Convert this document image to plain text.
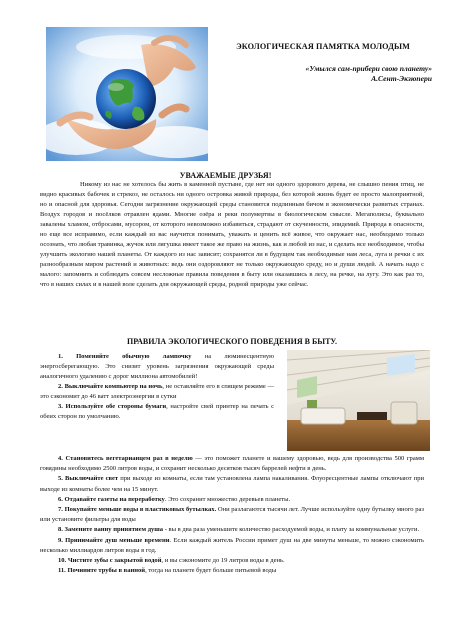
ЭКОЛОГИЧЕСКАЯ ПАМЯТКА МОЛОДЫМ
«Умылся сам-прибери свою планету»
А.Сент-Экзюпери
УВАЖАЕМЫЕ ДРУЗЬЯ!

Никому из нас не хотелось бы жить в каменной пустыне, где нет ни одного здорового дерева, не слышно пения птиц, не видно красивых бабочек и стрекоз, не осталось ни одного островка живой природы, без которой жизнь будет ее просто малоприятной, но и опасной для здоровья. Сегодня загрязнение окружающей среды становится подлинным бичом в экономически развитых странах. Воздух городов и посёлков отравлен ядами. Многие озёра и реки полумертвы в биологическом смысле. Мегаполисы, буквально завалены хламом, отбросами, мусором, от которого невозможно избавиться, страдают от скученности, эпидемий. Природа в опасности, но еще все исправимо, если каждый из вас научится понимать, уважать и ценить всё живое, что окружает нас, необходимо только осознать, что любая травинка, жучок или лягушка имеет такое же право на жизнь, как и любой из нас, и сделать все необходимое, чтобы улучшить экологию нашей планеты. От каждого из нас зависит; сохранятся ли в будущем так необходимые нам леса, луга и речки с их разнообразным миром растений и животных: ведь они оздоровляют не только окружающую среду, но и души людей. А начать надо с малого: запомнить и соблюдать совсем несложные правила поведения в быту или оказавшись в лесу, на речке, на лугу. Это как раз то, что в наших силах и в нашей воле сделать для окружающей среды, родной природы уже сейчас.

ПРАВИЛА ЭКОЛОГИЧЕСКОГО ПОВЕДЕНИЯ В БЫТУ.

1. Поменяйте обычную лампочку на люминесцентную энергосберегающую. Это снизит уровень загрязнения окружающей среды аналогичного удалению с дорог миллиона автомобилей!

2. Выключайте компьютер на ночь, не оставляйте его в спящем режиме — это сэкономит до 46 ватт электроэнергии в сутки

3. Используйте обе стороны бумаги, настройте свей принтер на печать с обеих сторон по умолчанию.

4. Становитесь вегетарианцем раз в неделю — это поможет планете и вашему здоровью, ведь для производства 500 грамм говядины необходимо 2500 литров воды, и сохранит несколько десятков тысяч баррелей нефти в день.

5. Выключайте свет при выходе из комнаты, если там установлена лампа накаливания. Флуоресцентные лампы отключают при выходе из комнаты более чем на 15 минут.

6. Отдавайте газеты на переработку. Это сохранит множество деревьев планеты.

7. Покупайте меньше воды в пластиковых бутылках. Они разлагаются тысячи лет. Лучше используйте одну бутылку много раз или установите фильтры для воды

8. Замените ванну принятием душа - вы в два раза уменьшите количество расходуемой воды, и плату за коммунальные услуги.

9. Принимайте душ меньше времени. Если каждый житель России примет душ на две минуты меньше, то можно сэкономить несколько миллиардов литров воды в год.

10. Чистите зубы с закрытой водой, и вы сэкономите до 19 литров воды в день.

11. Почините трубы в ванной, тогда на планете будет больше питьевой воды
